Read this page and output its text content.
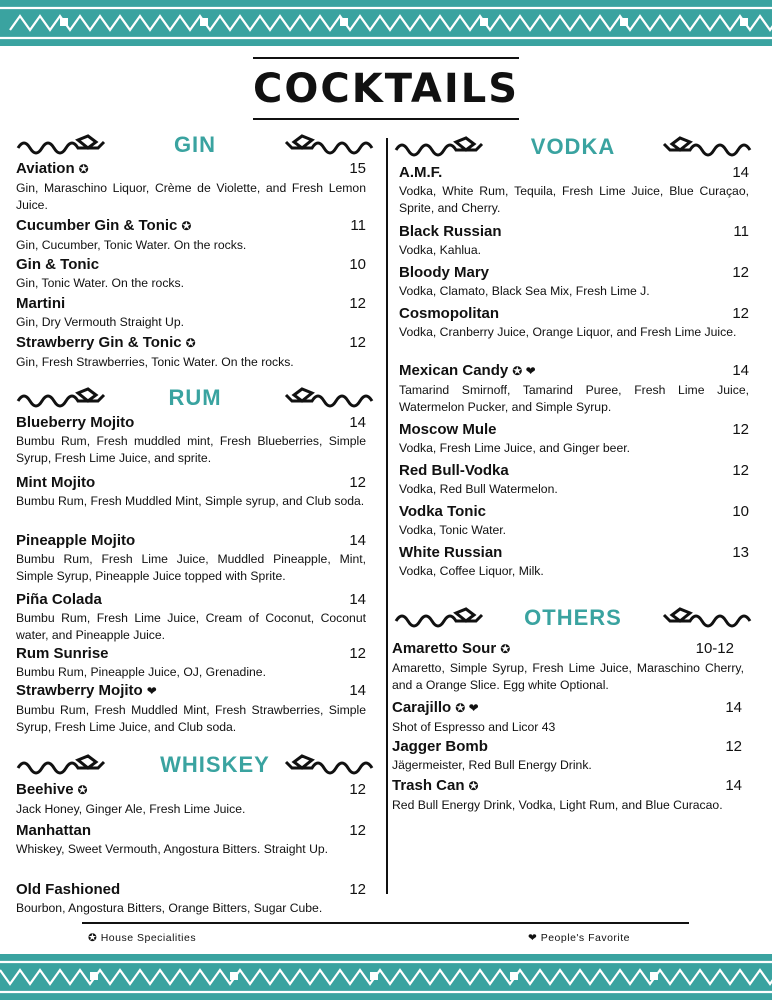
COCKTAILS
GIN
RUM
WHISKEY
VODKA
OTHERS
Aviation ✪	15
Gin, Maraschino Liquor, Crème de Violette, and Fresh Lemon Juice.
Cucumber Gin & Tonic ✪	11
Gin, Cucumber, Tonic Water. On the rocks.
Gin & Tonic	10
Gin, Tonic Water. On the rocks.
Martini	12
Gin, Dry Vermouth Straight Up.
Strawberry Gin & Tonic ✪	12
Gin, Fresh Strawberries, Tonic Water. On the rocks.
Blueberry Mojito	14
Bumbu Rum, Fresh muddled mint, Fresh Blueberries, Simple Syrup, Fresh Lime Juice, and sprite.
Mint Mojito	12
Bumbu Rum, Fresh Muddled Mint, Simple syrup, and Club soda.
Pineapple Mojito	14
Bumbu Rum, Fresh Lime Juice, Muddled Pineapple, Mint, Simple Syrup, Pineapple Juice topped with Sprite.
Piña Colada	14
Bumbu Rum, Fresh Lime Juice, Cream of Coconut, Coconut water, and Pineapple Juice.
Rum Sunrise	12
Bumbu Rum, Pineapple Juice, OJ, Grenadine.
Strawberry Mojito ❤	14
Bumbu Rum, Fresh Muddled Mint, Fresh Strawberries, Simple Syrup, Fresh Lime Juice, and Club soda.
Beehive ✪	12
Jack Honey, Ginger Ale, Fresh Lime Juice.
Manhattan	12
Whiskey, Sweet Vermouth, Angostura Bitters. Straight Up.
Old Fashioned	12
Bourbon, Angostura Bitters, Orange Bitters, Sugar Cube.
A.M.F.	14
Vodka, White Rum, Tequila, Fresh Lime Juice, Blue Curaçao, Sprite, and Cherry.
Black Russian	11
Vodka, Kahlua.
Bloody Mary	12
Vodka, Clamato, Black Sea Mix, Fresh Lime J.
Cosmopolitan	12
Vodka, Cranberry Juice, Orange Liquor, and Fresh Lime Juice.
Mexican Candy ✪ ❤	14
Tamarind Smirnoff, Tamarind Puree, Fresh Lime Juice, Watermelon Pucker, and Simple Syrup.
Moscow Mule	12
Vodka, Fresh Lime Juice, and Ginger beer.
Red Bull-Vodka	12
Vodka, Red Bull Watermelon.
Vodka Tonic	10
Vodka, Tonic Water.
White Russian	13
Vodka, Coffee Liquor, Milk.
Amaretto Sour ✪	10-12
Amaretto, Simple Syrup, Fresh Lime Juice, Maraschino Cherry, and a Orange Slice. Egg white Optional.
Carajillo ✪ ❤	14
Shot of Espresso and Licor 43
Jagger Bomb	12
Jägermeister, Red Bull Energy Drink.
Trash Can ✪	14
Red Bull Energy Drink, Vodka, Light Rum, and Blue Curacao.
✪ House Specialities	❤ People's Favorite
